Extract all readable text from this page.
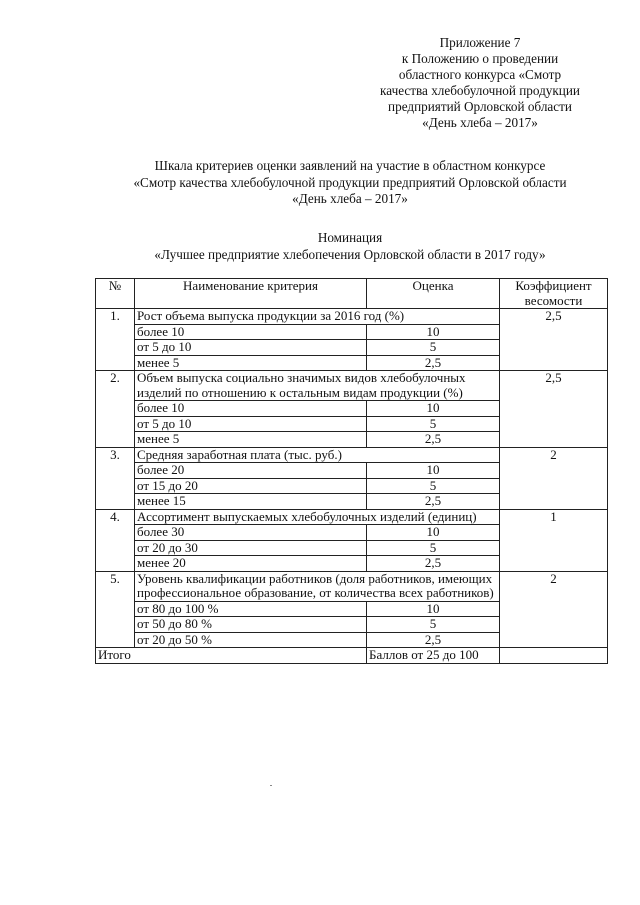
Приложение 7
к Положению о проведении
областного конкурса «Смотр
качества хлебобулочной продукции
предприятий Орловской области
«День хлеба – 2017»
Шкала критериев оценки заявлений на участие в областном конкурсе
«Смотр качества хлебобулочной продукции предприятий Орловской области
«День хлеба – 2017»
Номинация
«Лучшее предприятие хлебопечения Орловской области в 2017 году»
№	Наименование критерия	Оценка	Коэффициент весомости
1.	Рост объема выпуска продукции за 2016 год (%)		2,5
	более 10	10	
	от 5 до 10	5	
	менее 5	2,5	
2.	Объем выпуска социально значимых видов хлебобулочных изделий по отношению к остальным видам продукции (%)		2,5
	более 10	10	
	от 5 до 10	5	
	менее 5	2,5	
3.	Средняя заработная плата (тыс. руб.)		2
	более 20	10	
	от 15 до 20	5	
	менее 15	2,5	
4.	Ассортимент выпускаемых хлебобулочных изделий (единиц)		1
	более 30	10	
	от 20 до 30	5	
	менее 20	2,5	
5.	Уровень квалификации работников (доля работников, имеющих профессиональное образование, от количества всех работников)		2
	от 80 до 100 %	10	
	от 50 до 80 %	5	
	от 20 до 50 %	2,5	
Итого		Баллов от 25 до 100	
